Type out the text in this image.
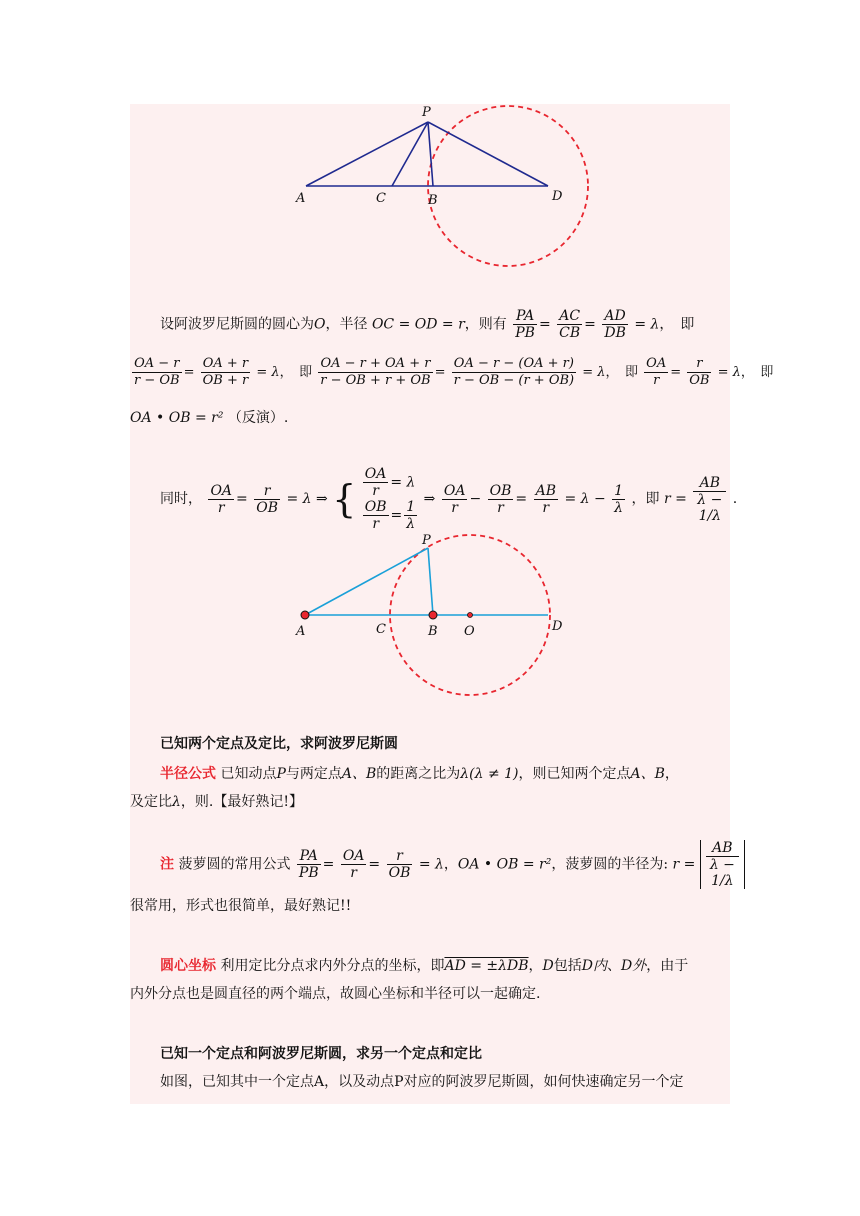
P
A	C	B	D
设阿波罗尼斯圆的圆心为O，半径 OC = OD = r，则有 $\frac{PA}{PB} = \frac{AC}{CB} = \frac{AD}{DB} = \lambda$，　即
$\frac{OA - r}{r - OB} = \frac{OA + r}{OB + r} = \lambda$，　即 $\frac{OA - r + OA + r}{r - OB + r + OB} = \frac{OA - r - (OA + r)}{r - OB - (r + OB)} = \lambda$，　即 $\frac{OA}{r} = \frac{r}{OB} = \lambda$，　即
OA • OB = r² （反演）.
同时， $\frac{OA}{r} = \frac{r}{OB} = \lambda$ ⇒ { $\frac{OA}{r} = \lambda$
$\frac{OB}{r} = \frac{1}{\lambda}$ ⇒ $\frac{OA}{r} - \frac{OB}{r} = \frac{AB}{r} = \lambda - \frac{1}{\lambda}$ ，即 r = AB
λ −
1/λ .
P
A	C	B O	D
已知两个定点及定比，求阿波罗尼斯圆
半径公式 已知动点P与两定点A、B的距离之比为λ(λ ≠ 1)，则已知两个定点A、B，
及定比λ，则.【最好熟记!】
注 菠萝圆的常用公式 $\frac{PA}{PB} = \frac{OA}{r} = \frac{r}{OB} = \lambda$，OA • OB = r²，菠萝圆的半径为: r = AB
λ −
1/λ
很常用，形式也很简单，最好熟记!!
圆心坐标 利用定比分点求内外分点的坐标，即AD = ±λDB，D包括D内、D外，由于
内外分点也是圆直径的两个端点，故圆心坐标和半径可以一起确定.
已知一个定点和阿波罗尼斯圆，求另一个定点和定比
如图，已知其中一个定点A，以及动点P对应的阿波罗尼斯圆，如何快速确定另一个定
